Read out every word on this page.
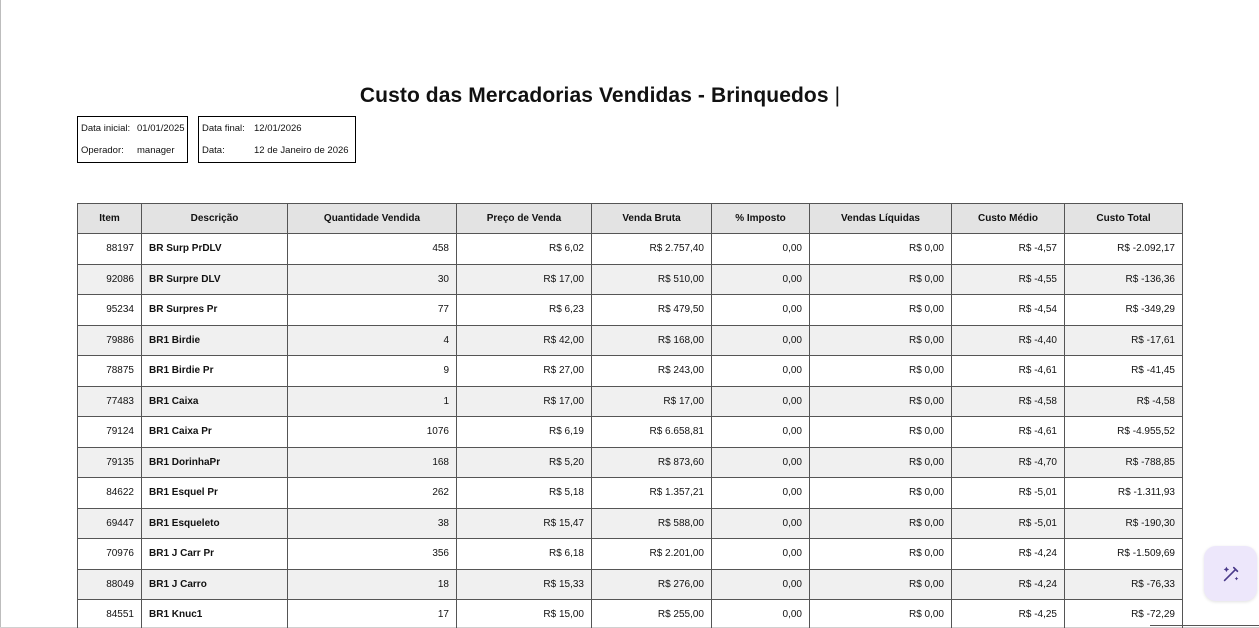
Custo das Mercadorias Vendidas - Brinquedos |
Data inicial: 01/01/2025
Operador:	manager
Data final: 12/01/2026
Data:	12 de Janeiro de 2026
Item	Descrição	Quantidade Vendida	Preço de Venda	Venda Bruta	% Imposto	Vendas Líquidas	Custo Médio	Custo Total
88197	BR Surp PrDLV	458	R$ 6,02	R$ 2.757,40	0,00	R$ 0,00	R$ -4,57	R$ -2.092,17
92086	BR Surpre DLV	30	R$ 17,00	R$ 510,00	0,00	R$ 0,00	R$ -4,55	R$ -136,36
95234	BR Surpres Pr	77	R$ 6,23	R$ 479,50	0,00	R$ 0,00	R$ -4,54	R$ -349,29
79886	BR1 Birdie	4	R$ 42,00	R$ 168,00	0,00	R$ 0,00	R$ -4,40	R$ -17,61
78875	BR1 Birdie Pr	9	R$ 27,00	R$ 243,00	0,00	R$ 0,00	R$ -4,61	R$ -41,45
77483	BR1 Caixa	1	R$ 17,00	R$ 17,00	0,00	R$ 0,00	R$ -4,58	R$ -4,58
79124	BR1 Caixa Pr	1076	R$ 6,19	R$ 6.658,81	0,00	R$ 0,00	R$ -4,61	R$ -4.955,52
79135	BR1 DorinhaPr	168	R$ 5,20	R$ 873,60	0,00	R$ 0,00	R$ -4,70	R$ -788,85
84622	BR1 Esquel Pr	262	R$ 5,18	R$ 1.357,21	0,00	R$ 0,00	R$ -5,01	R$ -1.311,93
69447	BR1 Esqueleto	38	R$ 15,47	R$ 588,00	0,00	R$ 0,00	R$ -5,01	R$ -190,30
70976	BR1 J Carr Pr	356	R$ 6,18	R$ 2.201,00	0,00	R$ 0,00	R$ -4,24	R$ -1.509,69
88049	BR1 J Carro	18	R$ 15,33	R$ 276,00	0,00	R$ 0,00	R$ -4,24	R$ -76,33
84551	BR1 Knuc1	17	R$ 15,00	R$ 255,00	0,00	R$ 0,00	R$ -4,25	R$ -72,29
